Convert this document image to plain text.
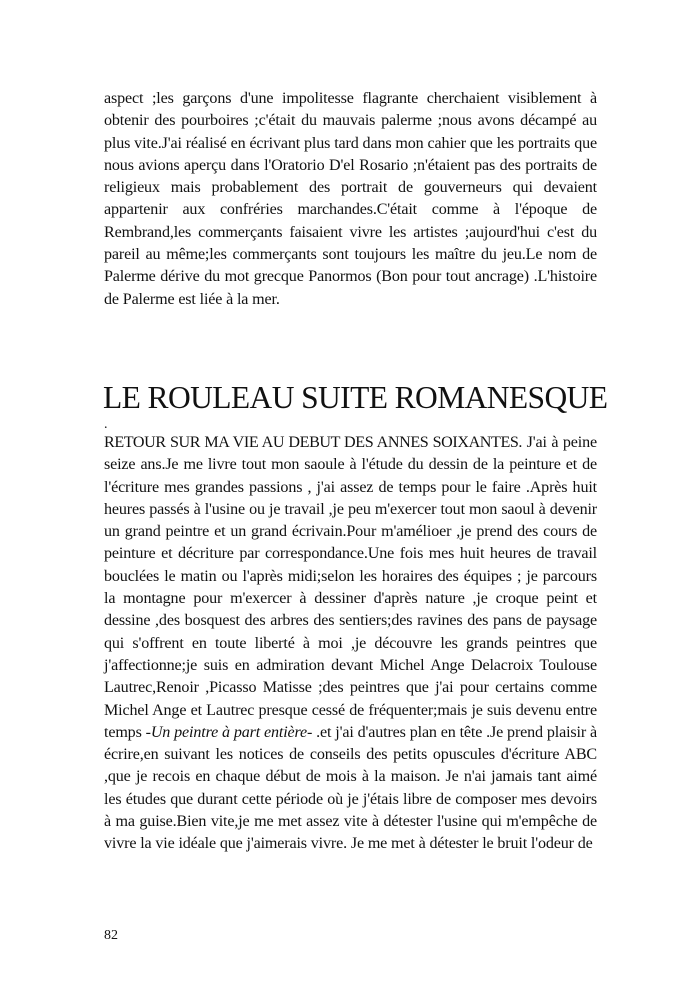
aspect ;les garçons d'une impolitesse flagrante cherchaient visiblement à obtenir des pourboires ;c'était du mauvais palerme ;nous avons décampé au plus vite.J'ai réalisé en écrivant plus tard dans mon cahier que les portraits que nous avions aperçu dans l'Oratorio D'el Rosario ;n'étaient pas des portraits de religieux mais probablement des portrait de gouverneurs qui devaient appartenir aux confréries marchandes.C'était comme à l'époque de Rembrand,les commerçants faisaient vivre les artistes ;aujourd'hui c'est du pareil au même;les commerçants sont toujours les maître du jeu.Le nom de Palerme dérive du mot grecque Panormos (Bon pour tout ancrage) .L'histoire de Palerme est liée à la mer.

LE ROULEAU SUITE ROMANESQUE
.

RETOUR SUR MA VIE AU DEBUT DES ANNES SOIXANTES. J'ai à peine seize ans.Je me livre tout mon saoule à l'étude du dessin de la peinture et de l'écriture mes grandes passions , j'ai assez de temps pour le faire .Après huit heures passés à l'usine ou je travail ,je peu m'exercer tout mon saoul à devenir un grand peintre et un grand écrivain.Pour m'amélioer ,je prend des cours de peinture et décriture par correspondance.Une fois mes huit heures de travail bouclées le matin ou l'après midi;selon les horaires des équipes ; je parcours la montagne pour m'exercer à dessiner d'après nature ,je croque peint et dessine ,des bosquest des arbres des sentiers;des ravines des pans de paysage qui s'offrent en toute liberté à moi ,je découvre les grands peintres que j'affectionne;je suis en admiration devant Michel Ange Delacroix Toulouse Lautrec,Renoir ,Picasso Matisse ;des peintres que j'ai pour certains comme Michel Ange et Lautrec presque cessé de fréquenter;mais je suis devenu entre temps -Un peintre à part entière- .et j'ai d'autres plan en tête .Je prend plaisir à écrire,en suivant les notices de conseils des petits opuscules d'écriture ABC ,que je recois en chaque début de mois à la maison. Je n'ai jamais tant aimé les études que durant cette période où je j'étais libre de composer mes devoirs à ma guise.Bien vite,je me met assez vite à détester l'usine qui m'empêche de vivre la vie idéale que j'aimerais vivre. Je me met à détester le bruit l'odeur de

82
